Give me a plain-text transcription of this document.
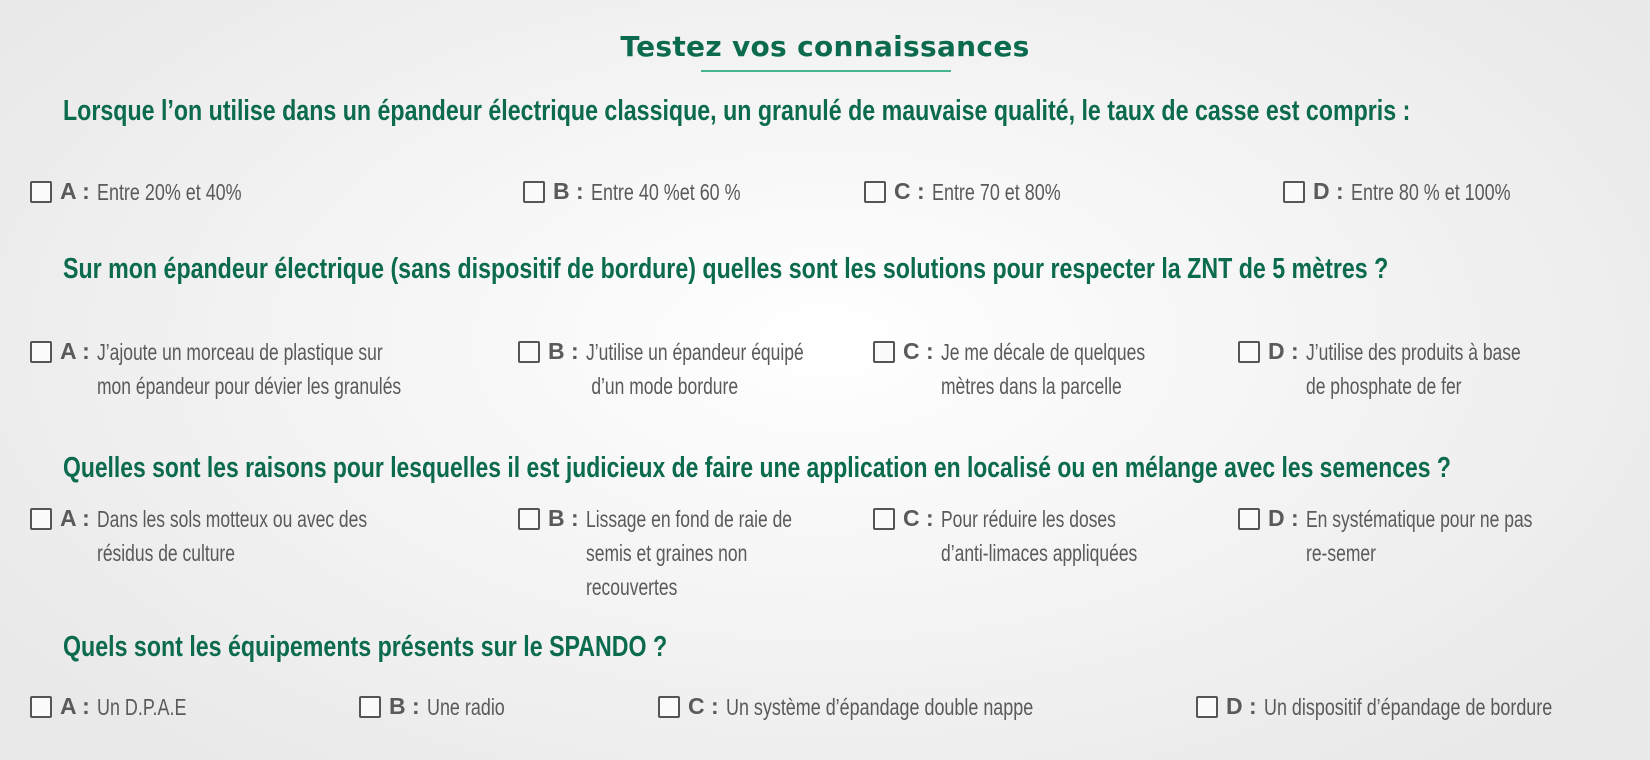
Testez vos connaissances
Lorsque l’on utilise dans un épandeur électrique classique, un granulé de mauvaise qualité, le taux de casse est compris :
A : Entre 20% et 40%	B : Entre 40 %et 60 %	C : Entre 70 et 80%	D : Entre 80 % et 100%
Sur mon épandeur électrique (sans dispositif de bordure) quelles sont les solutions pour respecter la ZNT de 5 mètres ?
A : J’ajoute un morceau de plastique sur
mon épandeur pour dévier les granulés
B : J’utilise un épandeur équipé
d’un mode bordure
C : Je me décale de quelques
mètres dans la parcelle
D : J’utilise des produits à base
de phosphate de fer
Quelles sont les raisons pour lesquelles il est judicieux de faire une application en localisé ou en mélange avec les semences ?
A : Dans les sols motteux ou avec des
résidus de culture
B : Lissage en fond de raie de
semis et graines non
recouvertes
C : Pour réduire les doses
d’anti-limaces appliquées
D : En systématique pour ne pas
re-semer
Quels sont les équipements présents sur le SPANDO ?
A : Un D.P.A.E	B : Une radio	C : Un système d’épandage double nappe	D : Un dispositif d’épandage de bordure
